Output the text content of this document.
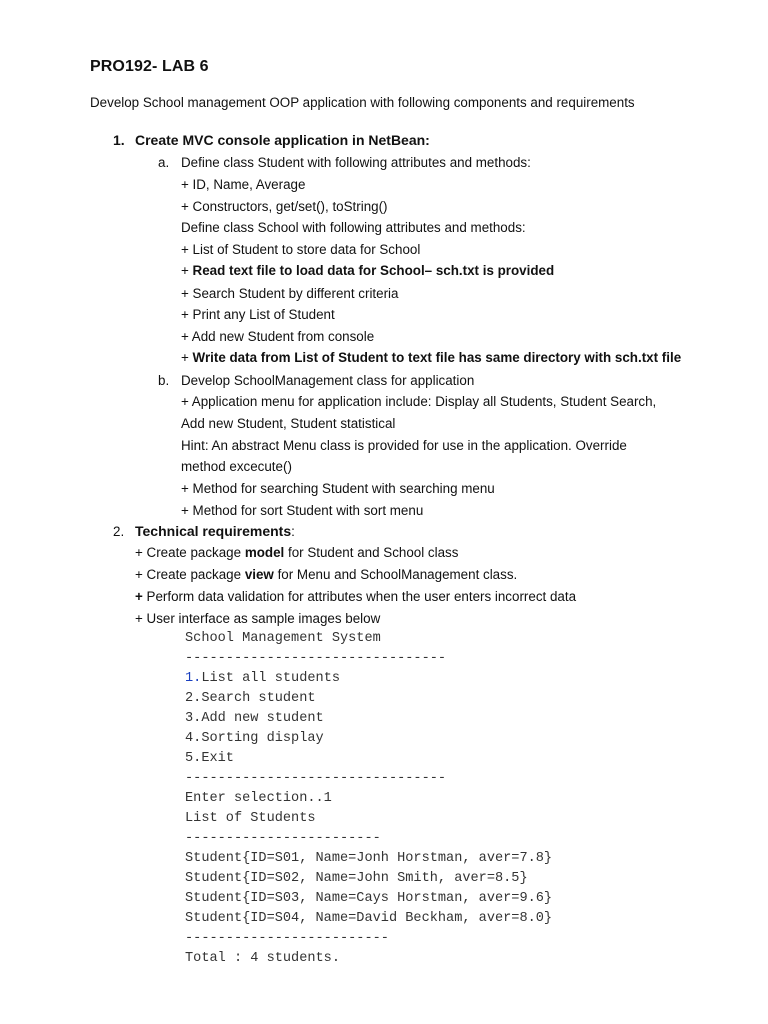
PRO192- LAB 6
Develop School management OOP application with following components and requirements
1. Create MVC console application in NetBean:
a. Define class Student with following attributes and methods:
+ ID, Name, Average
+ Constructors, get/set(), toString()
Define class School with following attributes and methods:
+ List of Student to store data for School
+ Read text file to load data for School– sch.txt is provided
+ Search Student by different criteria
+ Print any List of Student
+ Add new Student from console
+ Write data from List of Student to text file has same directory with sch.txt file
b. Develop SchoolManagement class for application
+ Application menu for application include: Display all Students, Student Search,
Add new Student, Student statistical
Hint: An abstract Menu class is provided for use in the application. Override
method excecute()
+ Method for searching Student with searching menu
+ Method for sort Student with sort menu
2. Technical requirements:
+ Create package model for Student and School class
+ Create package view for Menu and SchoolManagement class.
+ Perform data validation for attributes when the user enters incorrect data
+ User interface as sample images below
School Management System
--------------------------------
1.List all students
2.Search student
3.Add new student
4.Sorting display
5.Exit
--------------------------------
Enter selection..1
List of Students
------------------------
Student{ID=S01, Name=Jonh Horstman, aver=7.8}
Student{ID=S02, Name=John Smith, aver=8.5}
Student{ID=S03, Name=Cays Horstman, aver=9.6}
Student{ID=S04, Name=David Beckham, aver=8.0}
-------------------------
Total : 4 students.
